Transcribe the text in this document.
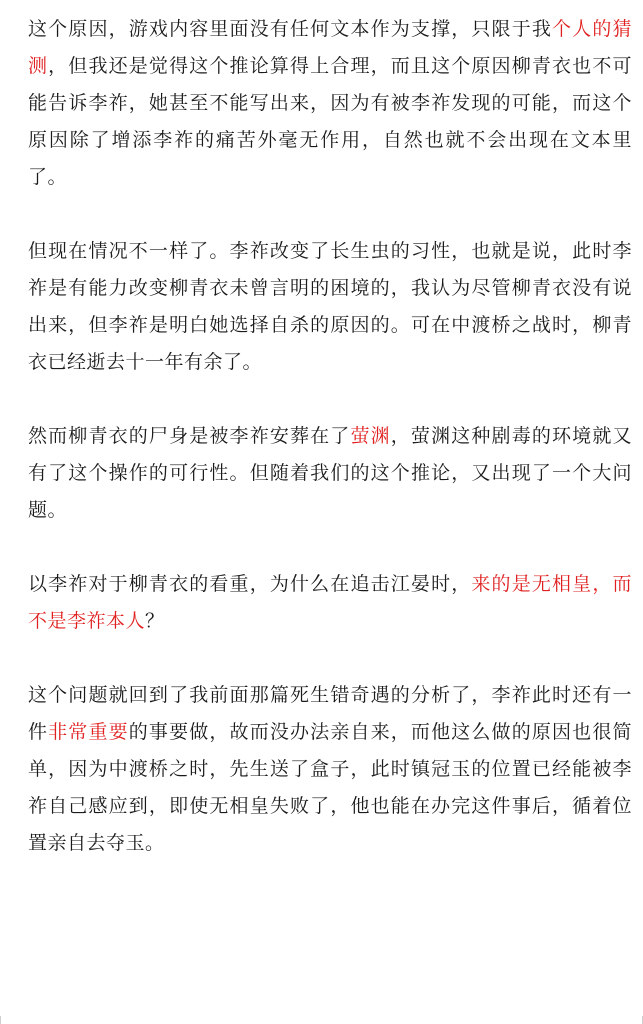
这个原因，游戏内容里面没有任何文本作为支撑，只限于我个人的猜测，但我还是觉得这个推论算得上合理，而且这个原因柳青衣也不可能告诉李祚，她甚至不能写出来，因为有被李祚发现的可能，而这个原因除了增添李祚的痛苦外毫无作用，自然也就不会出现在文本里了。

但现在情况不一样了。李祚改变了长生虫的习性，也就是说，此时李祚是有能力改变柳青衣未曾言明的困境的，我认为尽管柳青衣没有说出来，但李祚是明白她选择自杀的原因的。可在中渡桥之战时，柳青衣已经逝去十一年有余了。

然而柳青衣的尸身是被李祚安葬在了萤渊，萤渊这种剧毒的环境就又有了这个操作的可行性。但随着我们的这个推论，又出现了一个大问题。

以李祚对于柳青衣的看重，为什么在追击江晏时，来的是无相皇，而不是李祚本人？

这个问题就回到了我前面那篇死生错奇遇的分析了，李祚此时还有一件非常重要的事要做，故而没办法亲自来，而他这么做的原因也很简单，因为中渡桥之时，先生送了盒子，此时镇冠玉的位置已经能被李祚自己感应到，即使无相皇失败了，他也能在办完这件事后，循着位置亲自去夺玉。
